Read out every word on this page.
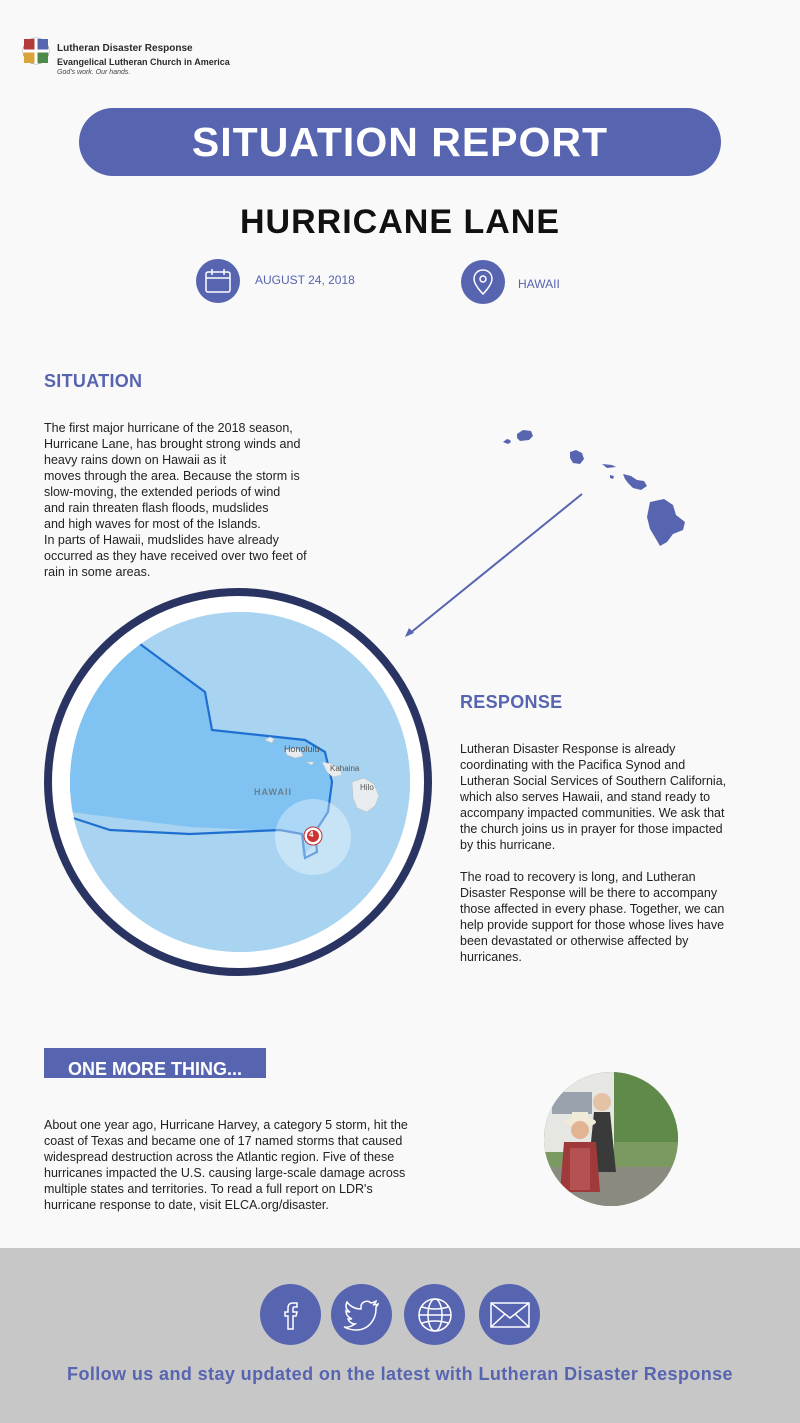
Lutheran Disaster Response
Evangelical Lutheran Church in America
God's work. Our hands.
SITUATION REPORT
HURRICANE LANE
AUGUST 24, 2018	HAWAII
SITUATION
The first major hurricane of the 2018 season,
Hurricane Lane, has brought strong winds and
heavy rains down on Hawaii as it
moves through the area. Because the storm is
slow-moving, the extended periods of wind
and rain threaten flash floods, mudslides
and high waves for most of the Islands.
In parts of Hawaii, mudslides have already
occurred as they have received over two feet of
rain in some areas.
Honolulu
Kahaina
Hilo
HAWAII
4
RESPONSE
Lutheran Disaster Response is already
coordinating with the Pacifica Synod and
Lutheran Social Services of Southern California,
which also serves Hawaii, and stand ready to
accompany impacted communities. We ask that
the church joins us in prayer for those impacted
by this hurricane.
The road to recovery is long, and Lutheran
Disaster Response will be there to accompany
those affected in every phase. Together, we can
help provide support for those whose lives have
been devastated or otherwise affected by
hurricanes.
ONE MORE THING...
About one year ago, Hurricane Harvey, a category 5 storm, hit the
coast of Texas and became one of 17 named storms that caused
widespread destruction across the Atlantic region. Five of these
hurricanes impacted the U.S. causing large-scale damage across
multiple states and territories. To read a full report on LDR's
hurricane response to date, visit ELCA.org/disaster.
Follow us and stay updated on the latest with Lutheran Disaster Response
